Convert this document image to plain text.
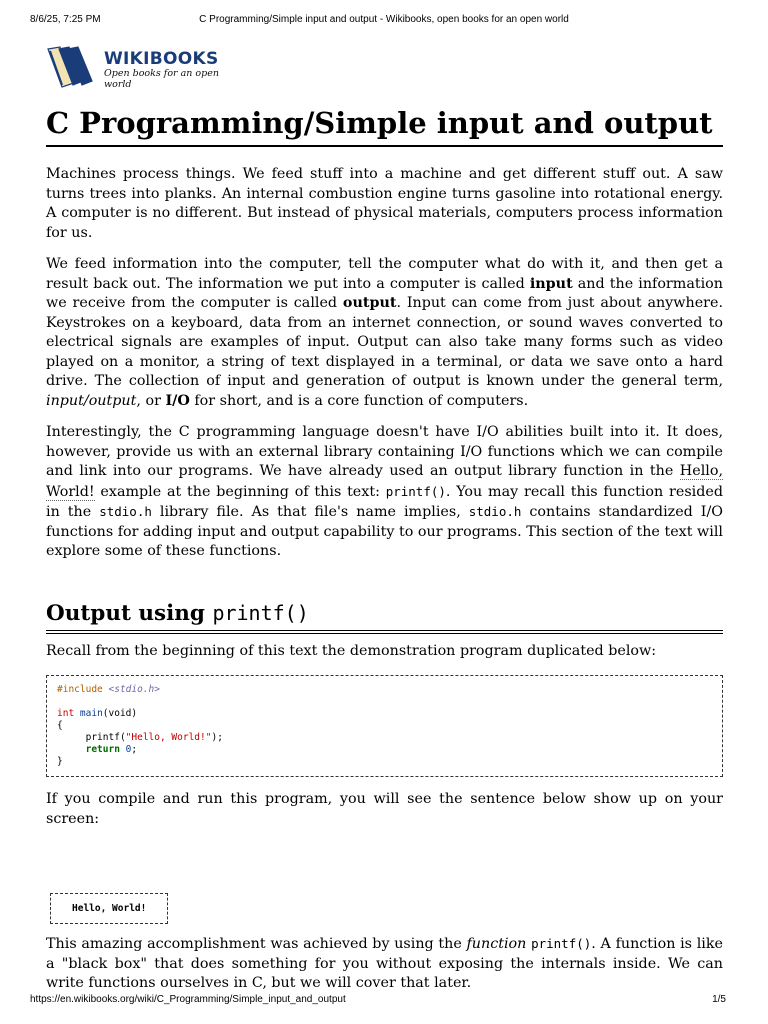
8/6/25, 7:25 PM	C Programming/Simple input and output - Wikibooks, open books for an open world
WIKIBOOKS
Open books for an open world
C Programming/Simple input and output

Machines process things. We feed stuff into a machine and get different stuff out. A saw turns trees into planks. An internal combustion engine turns gasoline into rotational energy. A computer is no different. But instead of physical materials, computers process information for us.

We feed information into the computer, tell the computer what do with it, and then get a result back out. The information we put into a computer is called input and the information we receive from the computer is called output. Input can come from just about anywhere. Keystrokes on a keyboard, data from an internet connection, or sound waves converted to electrical signals are examples of input. Output can also take many forms such as video played on a monitor, a string of text displayed in a terminal, or data we save onto a hard drive. The collection of input and generation of output is known under the general term, input/output, or I/O for short, and is a core function of computers.

Interestingly, the C programming language doesn't have I/O abilities built into it. It does, however, provide us with an external library containing I/O functions which we can compile and link into our programs. We have already used an output library function in the Hello, World! example at the beginning of this text: printf(). You may recall this function resided in the stdio.h library file. As that file's name implies, stdio.h contains standardized I/O functions for adding input and output capability to our programs. This section of the text will explore some of these functions.

Output using printf()

Recall from the beginning of this text the demonstration program duplicated below:

#include <stdio.h>

int main(void)
{
printf("Hello, World!");
return 0;
}

If you compile and run this program, you will see the sentence below show up on your screen:

Hello, World!

This amazing accomplishment was achieved by using the function printf(). A function is like a "black box" that does something for you without exposing the internals inside. We can write functions ourselves in C, but we will cover that later.

https://en.wikibooks.org/wiki/C_Programming/Simple_input_and_output	1/5
